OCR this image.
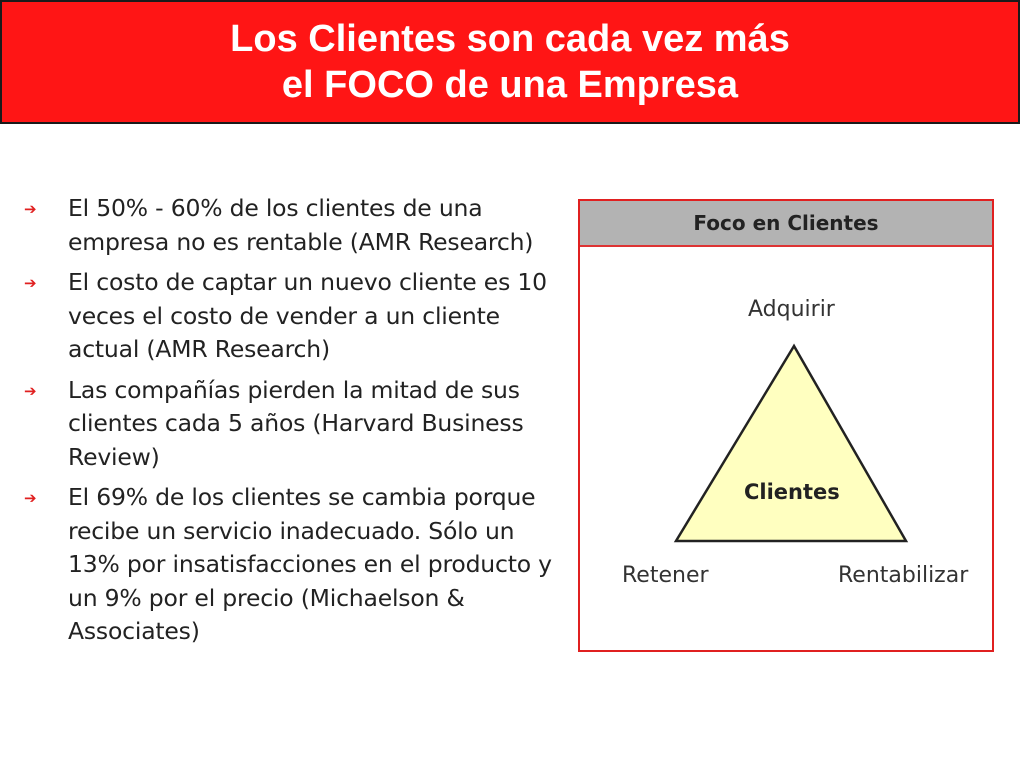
Los Clientes son cada vez más
el FOCO de una Empresa
➔	El 50% - 60% de los clientes de una empresa no es rentable (AMR Research)
➔	El costo de captar un nuevo cliente es 10 veces el costo de vender a un cliente actual (AMR Research)
➔	Las compañías pierden la mitad de sus clientes cada 5 años (Harvard Business Review)
➔	El 69% de los clientes se cambia porque recibe un servicio inadecuado. Sólo un 13% por insatisfacciones en el producto y un 9% por el precio (Michaelson & Associates)
Foco en Clientes
Adquirir
Clientes
Retener	Rentabilizar
